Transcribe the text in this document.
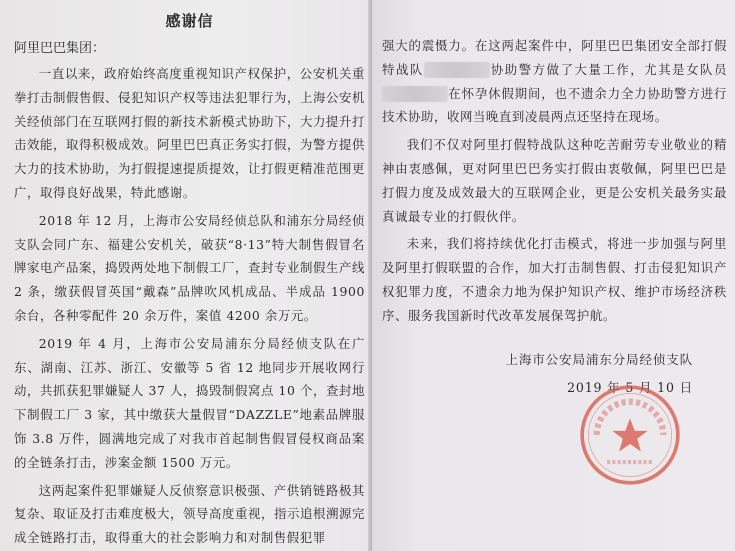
感谢信
阿里巴巴集团：

一直以来，政府始终高度重视知识产权保护，公安机关重拳打击制假售假、侵犯知识产权等违法犯罪行为，上海公安机关经侦部门在互联网打假的新技术新模式协助下，大力提升打击效能，取得积极成效。阿里巴巴真正务实打假，为警方提供大力的技术协助，为打假提速提质提效，让打假更精准范围更广，取得良好战果，特此感谢。

2018 年 12 月，上海市公安局经侦总队和浦东分局经侦支队会同广东、福建公安机关，破获“8·13”特大制售假冒名牌家电产品案，捣毁两处地下制假工厂，查封专业制假生产线 2 条，缴获假冒英国“戴森”品牌吹风机成品、半成品 1900 余台，各种零配件 20 余万件，案值 4200 余万元。

2019 年 4 月，上海市公安局浦东分局经侦支队在广东、湖南、江苏、浙江、安徽等 5 省 12 地同步开展收网行动，共抓获犯罪嫌疑人 37 人，捣毁制假窝点 10 个，查封地下制假工厂 3 家，其中缴获大量假冒“DAZZLE”地素品牌服饰 3.8 万件，圆满地完成了对我市首起制售假冒侵权商品案的全链条打击，涉案金额 1500 万元。

这两起案件犯罪嫌疑人反侦察意识极强、产供销链路极其复杂、取证及打击难度极大，领导高度重视，指示追根溯源完成全链路打击，取得重大的社会影响力和对制售假犯罪

强大的震慑力。在这两起案件中，阿里巴巴集团安全部打假特战队	协助警方做了大量工作，尤其是女队员在怀孕休假期间，也不遗余力全力协助警方进行技术协助，收网当晚直到凌晨两点还坚持在现场。

我们不仅对阿里打假特战队这种吃苦耐劳专业敬业的精神由衷感佩，更对阿里巴巴务实打假由衷敬佩，阿里巴巴是打假力度及成效最大的互联网企业，更是公安机关最务实最真诚最专业的打假伙伴。

未来，我们将持续优化打击模式，将进一步加强与阿里及阿里打假联盟的合作，加大打击制售假、打击侵犯知识产权犯罪力度，不遗余力地为保护知识产权、维护市场经济秩序、服务我国新时代改革发展保驾护航。

上海市公安局浦东分局经侦支队
2019 年 5 月 10 日
